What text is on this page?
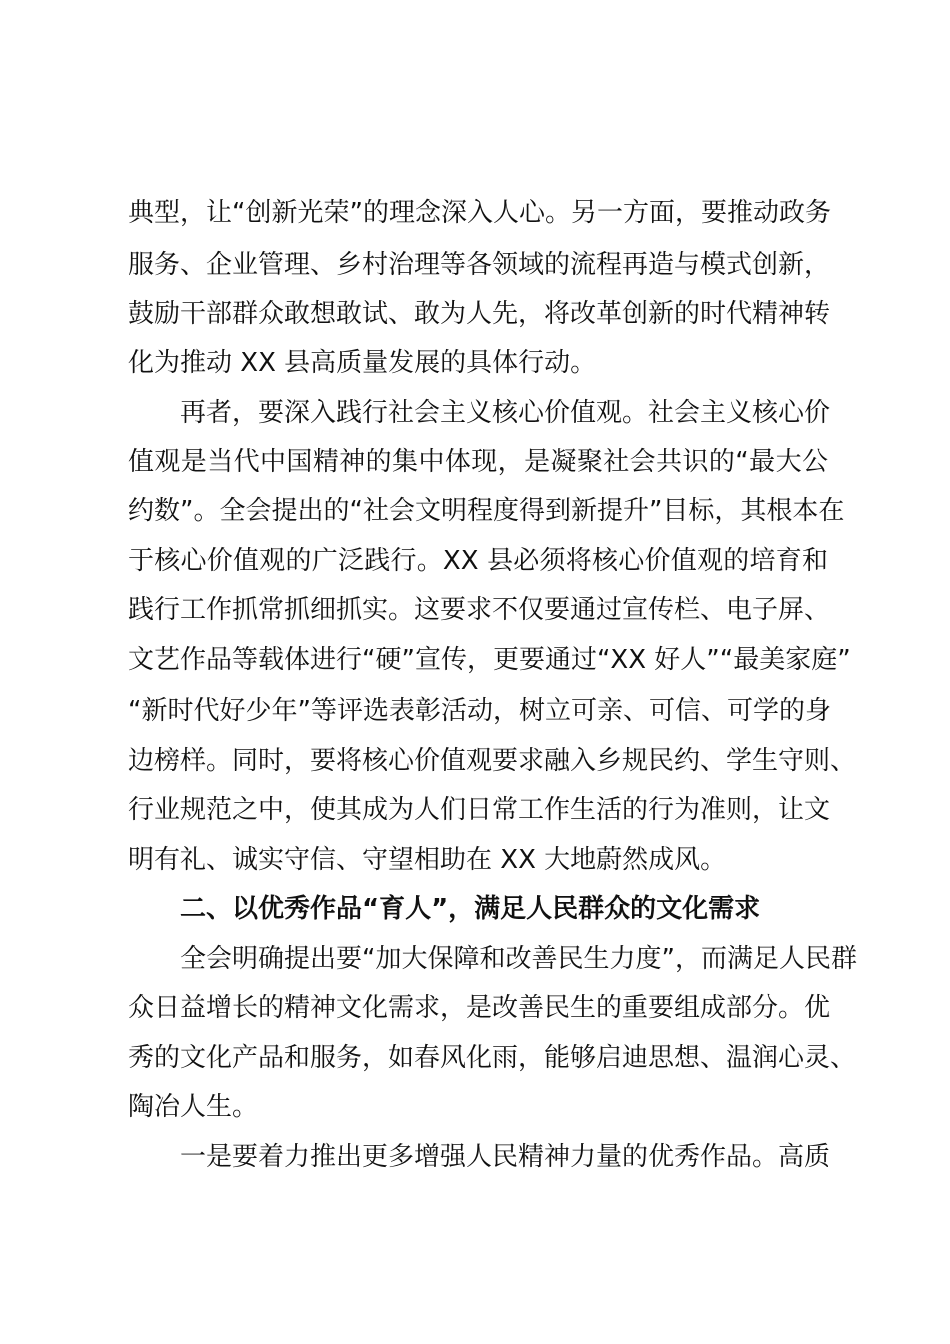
典型，让“创新光荣”的理念深入人心。另一方面，要推动政务
服务、企业管理、乡村治理等各领域的流程再造与模式创新，
鼓励干部群众敢想敢试、敢为人先，将改革创新的时代精神转
化为推动 XX 县高质量发展的具体行动。
再者，要深入践行社会主义核心价值观。社会主义核心价
值观是当代中国精神的集中体现，是凝聚社会共识的“最大公
约数”。全会提出的“社会文明程度得到新提升”目标，其根本在
于核心价值观的广泛践行。XX 县必须将核心价值观的培育和
践行工作抓常抓细抓实。这要求不仅要通过宣传栏、电子屏、
文艺作品等载体进行“硬”宣传，更要通过“XX 好人”“最美家庭”
“新时代好少年”等评选表彰活动，树立可亲、可信、可学的身
边榜样。同时，要将核心价值观要求融入乡规民约、学生守则、
行业规范之中，使其成为人们日常工作生活的行为准则，让文
明有礼、诚实守信、守望相助在 XX 大地蔚然成风。
二、以优秀作品“育人”，满足人民群众的文化需求
全会明确提出要“加大保障和改善民生力度”，而满足人民群
众日益增长的精神文化需求，是改善民生的重要组成部分。优
秀的文化产品和服务，如春风化雨，能够启迪思想、温润心灵、
陶冶人生。
一是要着力推出更多增强人民精神力量的优秀作品。高质
